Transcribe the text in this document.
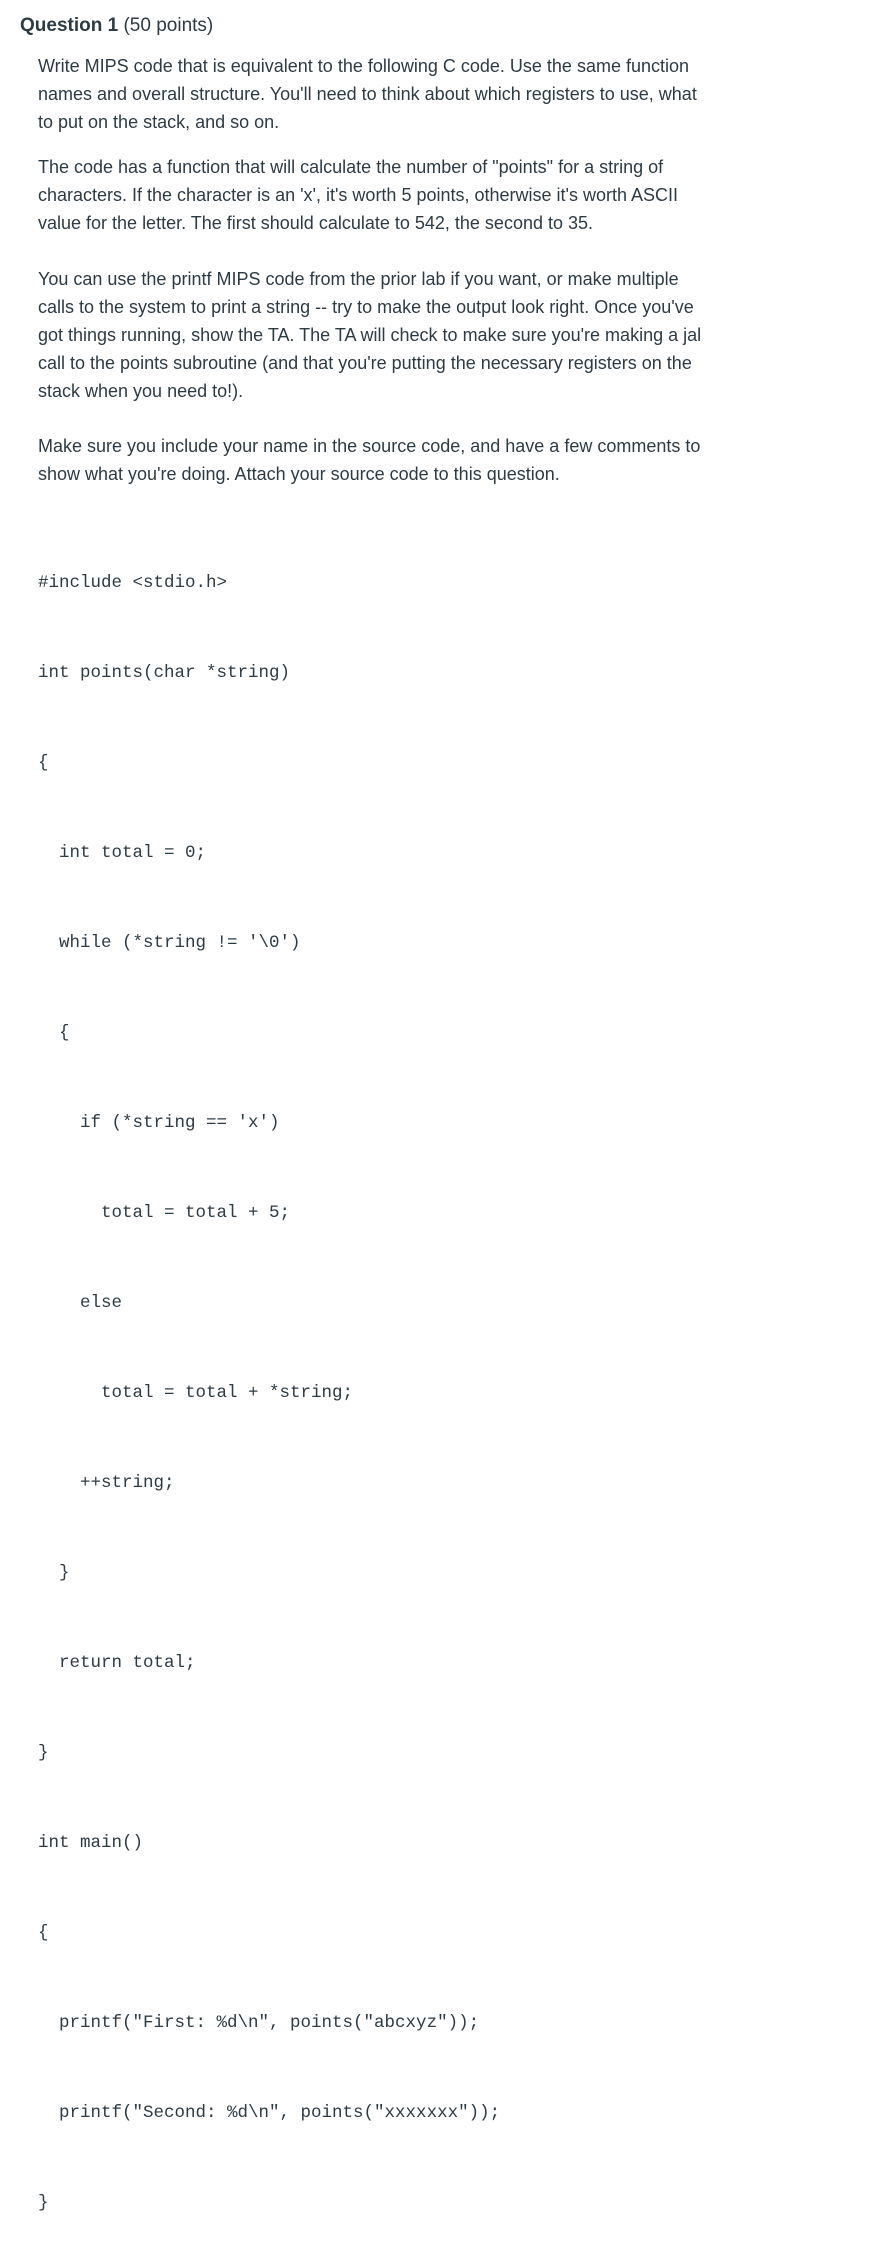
Question 1 (50 points)

Write MIPS code that is equivalent to the following C code. Use the same function
names and overall structure. You'll need to think about which registers to use, what
to put on the stack, and so on.

The code has a function that will calculate the number of "points" for a string of
characters. If the character is an 'x', it's worth 5 points, otherwise it's worth ASCII
value for the letter. The first should calculate to 542, the second to 35.

You can use the printf MIPS code from the prior lab if you want, or make multiple
calls to the system to print a string -- try to make the output look right. Once you've
got things running, show the TA. The TA will check to make sure you're making a jal
call to the points subroutine (and that you're putting the necessary registers on the
stack when you need to!).

Make sure you include your name in the source code, and have a few comments to
show what you're doing. Attach your source code to this question.

#include <stdio.h>

int points(char *string)

{

int total = 0;

while (*string != '\0')

{

if (*string == 'x')

total = total + 5;

else

total = total + *string;

++string;

}

return total;

}

int main()

{

printf("First: %d\n", points("abcxyz"));

printf("Second: %d\n", points("xxxxxxx"));

}
